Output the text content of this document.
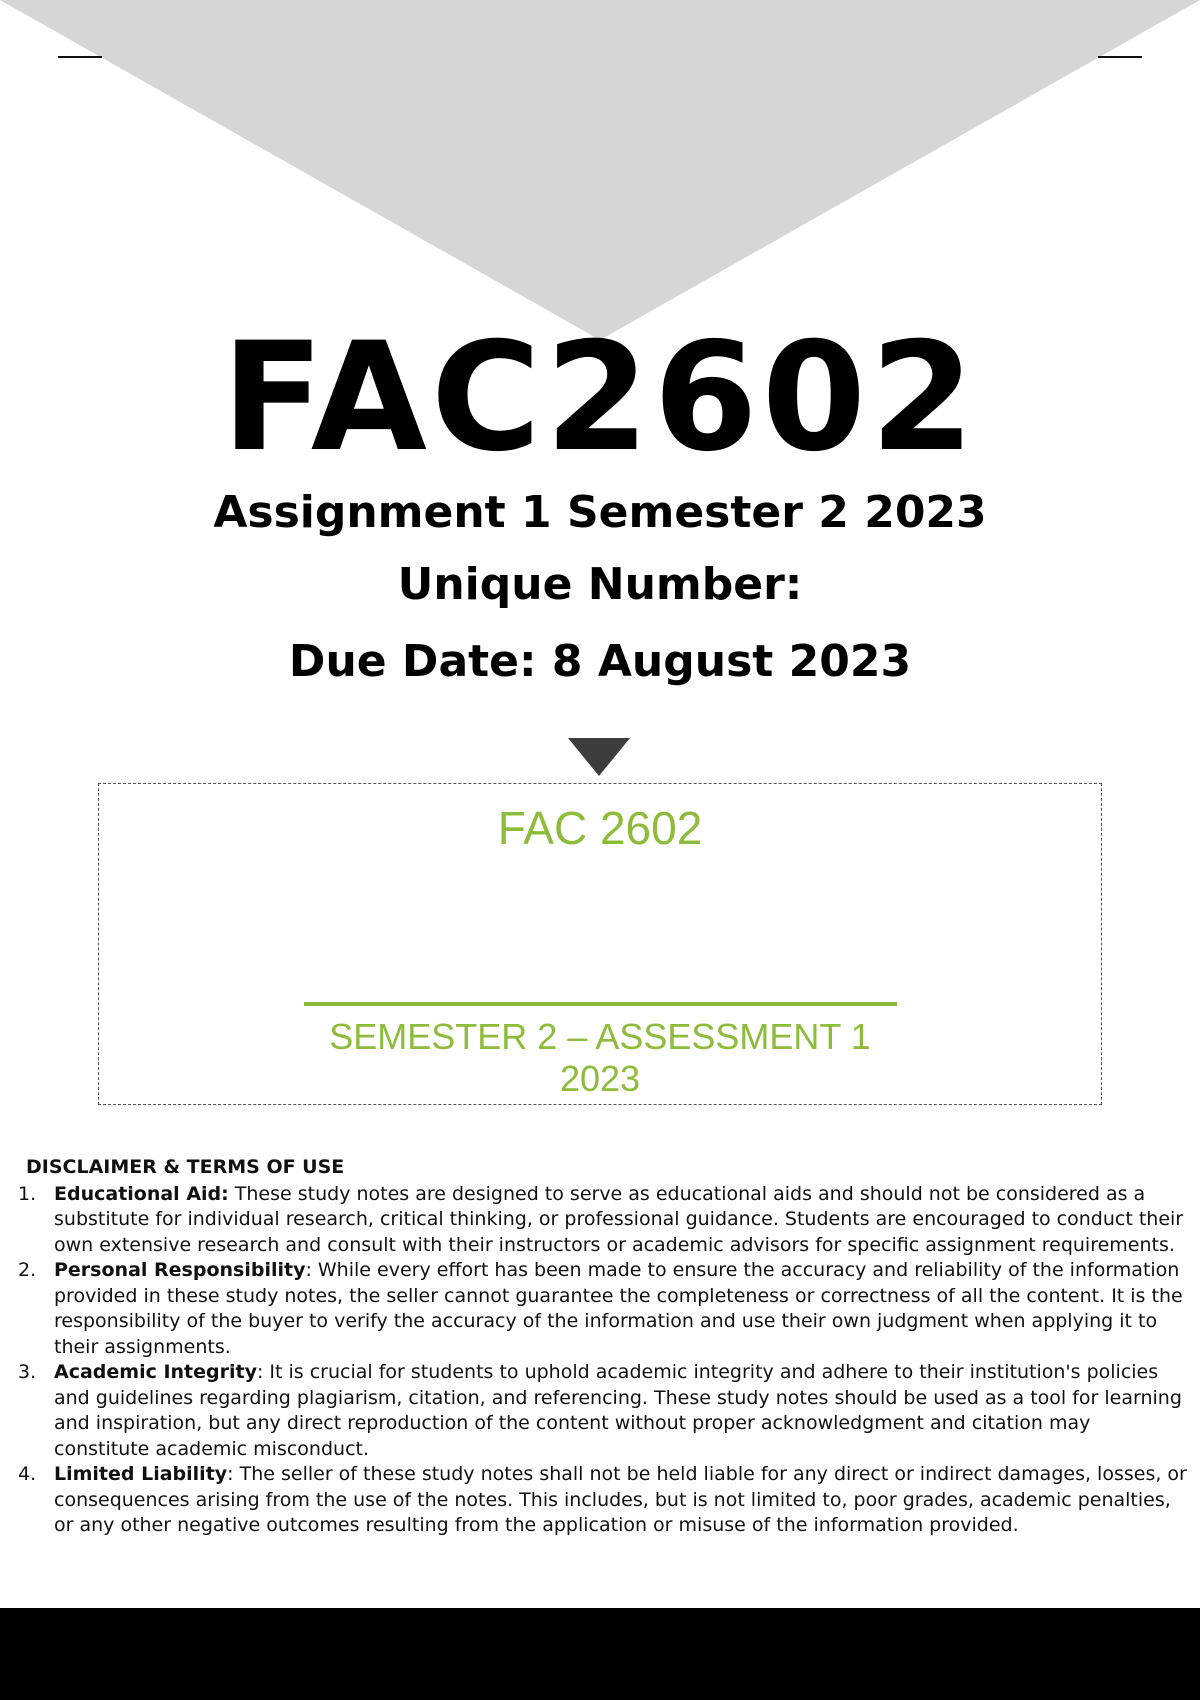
FAC2602
Assignment 1 Semester 2 2023
Unique Number:
Due Date: 8 August 2023
FAC 2602
SEMESTER 2 – ASSESSMENT 1
2023
DISCLAIMER & TERMS OF USE
1. Educational Aid: These study notes are designed to serve as educational aids and should not be considered as a substitute for individual research, critical thinking, or professional guidance. Students are encouraged to conduct their own extensive research and consult with their instructors or academic advisors for specific assignment requirements.
2. Personal Responsibility: While every effort has been made to ensure the accuracy and reliability of the information provided in these study notes, the seller cannot guarantee the completeness or correctness of all the content. It is the responsibility of the buyer to verify the accuracy of the information and use their own judgment when applying it to their assignments.
3. Academic Integrity: It is crucial for students to uphold academic integrity and adhere to their institution's policies and guidelines regarding plagiarism, citation, and referencing. These study notes should be used as a tool for learning and inspiration, but any direct reproduction of the content without proper acknowledgment and citation may constitute academic misconduct.
4. Limited Liability: The seller of these study notes shall not be held liable for any direct or indirect damages, losses, or consequences arising from the use of the notes. This includes, but is not limited to, poor grades, academic penalties, or any other negative outcomes resulting from the application or misuse of the information provided.
